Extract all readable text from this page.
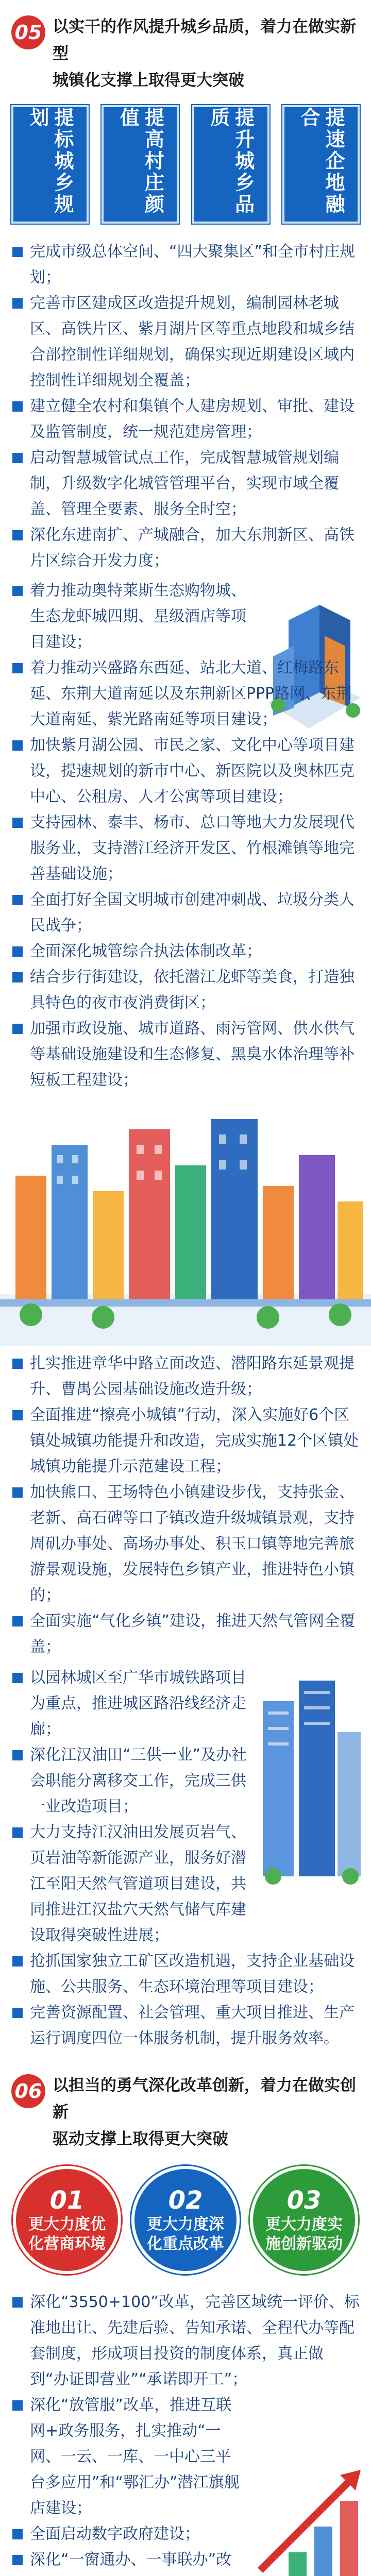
05 以实干的作风提升城乡品质，着力在做实新型
城镇化支撑上取得更大突破
提标城乡规划	提高村庄颜值	提升城乡品质	提速企地融合
完成市级总体空间、“四大聚集区”和全市村庄规划；
完善市区建成区改造提升规划，编制园林老城区、高铁片区、紫月湖片区等重点地段和城乡结合部控制性详细规划，确保实现近期建设区域内控制性详细规划全覆盖；
建立健全农村和集镇个人建房规划、审批、建设及监管制度，统一规范建房管理；
启动智慧城管试点工作，完成智慧城管规划编制，升级数字化城管管理平台，实现市域全覆盖、管理全要素、服务全时空；
深化东进南扩、产城融合，加大东荆新区、高铁片区综合开发力度；
着力推动奥特莱斯生态购物城、生态龙虾城四期、星级酒店等项目建设；
着力推动兴盛路东西延、站北大道、红梅路东延、东荆大道南延以及东荆新区PPP路网、东荆大道南延、紫光路南延等项目建设；
加快紫月湖公园、市民之家、文化中心等项目建设，提速规划的新市中心、新医院以及奥林匹克中心、公租房、人才公寓等项目建设；
支持园林、泰丰、杨市、总口等地大力发展现代服务业，支持潜江经济开发区、竹根滩镇等地完善基础设施；
全面打好全国文明城市创建冲刺战、垃圾分类人民战争；
全面深化城管综合执法体制改革；
结合步行街建设，依托潜江龙虾等美食，打造独具特色的夜市夜消费街区；
加强市政设施、城市道路、雨污管网、供水供气等基础设施建设和生态修复、黑臭水体治理等补短板工程建设；
扎实推进章华中路立面改造、潜阳路东延景观提升、曹禺公园基础设施改造升级；
全面推进“擦亮小城镇”行动，深入实施好6个区镇处城镇功能提升和改造，完成实施12个区镇处城镇功能提升示范建设工程；
加快熊口、王场特色小镇建设步伐，支持张金、老新、高石碑等口子镇改造升级城镇景观，支持周矶办事处、高场办事处、积玉口镇等地完善旅游景观设施，发展特色乡镇产业，推进特色小镇的；
全面实施“气化乡镇”建设，推进天然气管网全覆盖；
以园林城区至广华市城铁路项目为重点，推进城区路沿线经济走廊；
深化江汉油田“三供一业”及办社会职能分离移交工作，完成三供一业改造项目；
大力支持江汉油田发展页岩气、页岩油等新能源产业，服务好潜江至阳天然气管道项目建设，共同推进江汉盐穴天然气储气库建设取得突破性进展；
抢抓国家独立工矿区改造机遇，支持企业基础设施、公共服务、生态环境治理等项目建设；
完善资源配置、社会管理、重大项目推进、生产运行调度四位一体服务机制，提升服务效率。
06 以担当的勇气深化改革创新，着力在做实创新
驱动支撑上取得更大突破
01
更大力度优化营商环境
02
更大力度深化重点改革
03
更大力度实施创新驱动
深化“3550+100”改革，完善区域统一评价、标准地出让、先建后验、告知承诺、全程代办等配套制度，形成项目投资的制度体系，真正做到“办证即营业”“承诺即开工”；
深化“放管服”改革，推进互联网+政务服务，扎实推动“一网、一云、一库、一中心三平台多应用”和“鄂汇办”潜江旗舰店建设；
全面启动数字政府建设；
深化“一窗通办、一事联办”改
